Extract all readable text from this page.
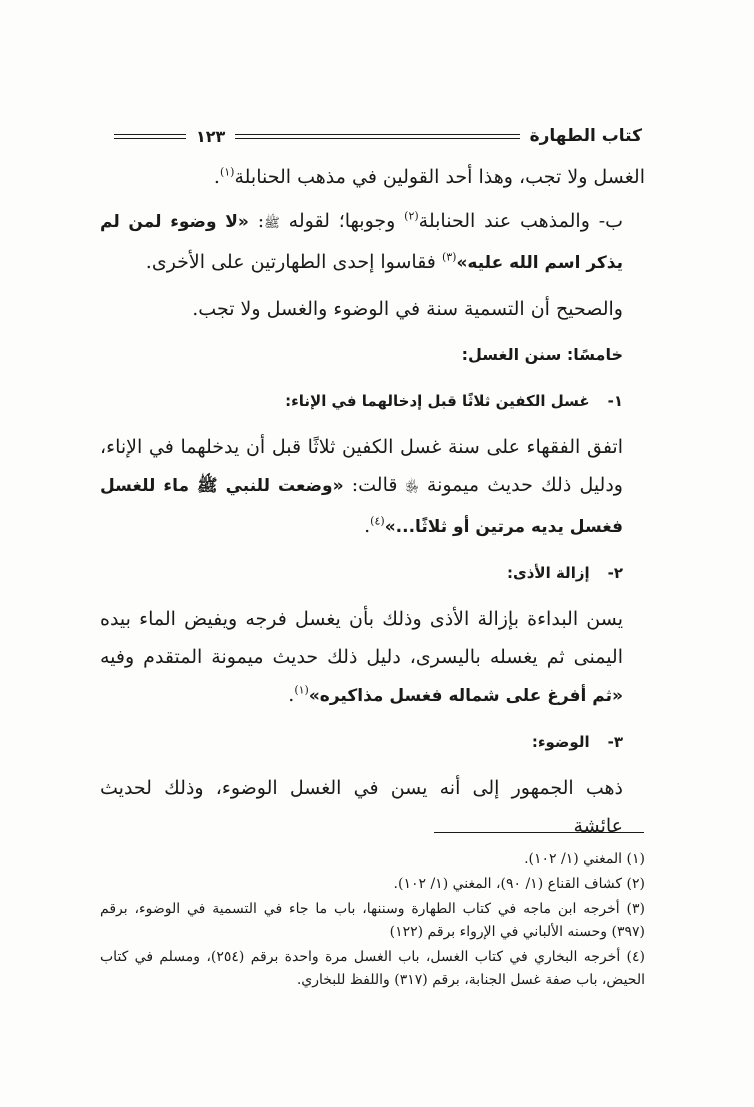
كتاب الطهارة
١٢٣
الغسل ولا تجب، وهذا أحد القولين في مذهب الحنابلة$^{(١)}$.
ب- والمذهب عند الحنابلة$^{(٢)}$ وجوبها؛ لقوله ﷺ: «لا وضوء لمن لم يذكر اسم الله عليه»$^{(٣)}$ فقاسوا إحدى الطهارتين على الأخرى.
والصحيح أن التسمية سنة في الوضوء والغسل ولا تجب.
خامسًا: سنن الغسل:
١-غسل الكفين ثلاثًا قبل إدخالهما في الإناء:
اتفق الفقهاء على سنة غسل الكفين ثلاثًا قبل أن يدخلهما في الإناء، ودليل ذلك حديث ميمونة ﵂ قالت: «وضعت للنبي ﷺ ماء للغسل فغسل يديه مرتين أو ثلاثًا...»$^{(٤)}$.
٢-إزالة الأذى:
يسن البداءة بإزالة الأذى وذلك بأن يغسل فرجه ويفيض الماء بيده اليمنى ثم يغسله باليسرى، دليل ذلك حديث ميمونة المتقدم وفيه «ثم أفرغ على شماله فغسل مذاكيره»$^{(١)}$.
٣-الوضوء:
ذهب الجمهور إلى أنه يسن في الغسل الوضوء، وذلك لحديث عائشة
(١) المغني (١/ ١٠٢).
(٢) كشاف القناع (١/ ٩٠)، المغني (١/ ١٠٢).
(٣) أخرجه ابن ماجه في كتاب الطهارة وسننها، باب ما جاء في التسمية في الوضوء، برقم (٣٩٧) وحسنه الألباني في الإرواء برقم (١٢٢)
(٤) أخرجه البخاري في كتاب الغسل، باب الغسل مرة واحدة برقم (٢٥٤)، ومسلم في كتاب الحيض، باب صفة غسل الجنابة، برقم (٣١٧) واللفظ للبخاري.
